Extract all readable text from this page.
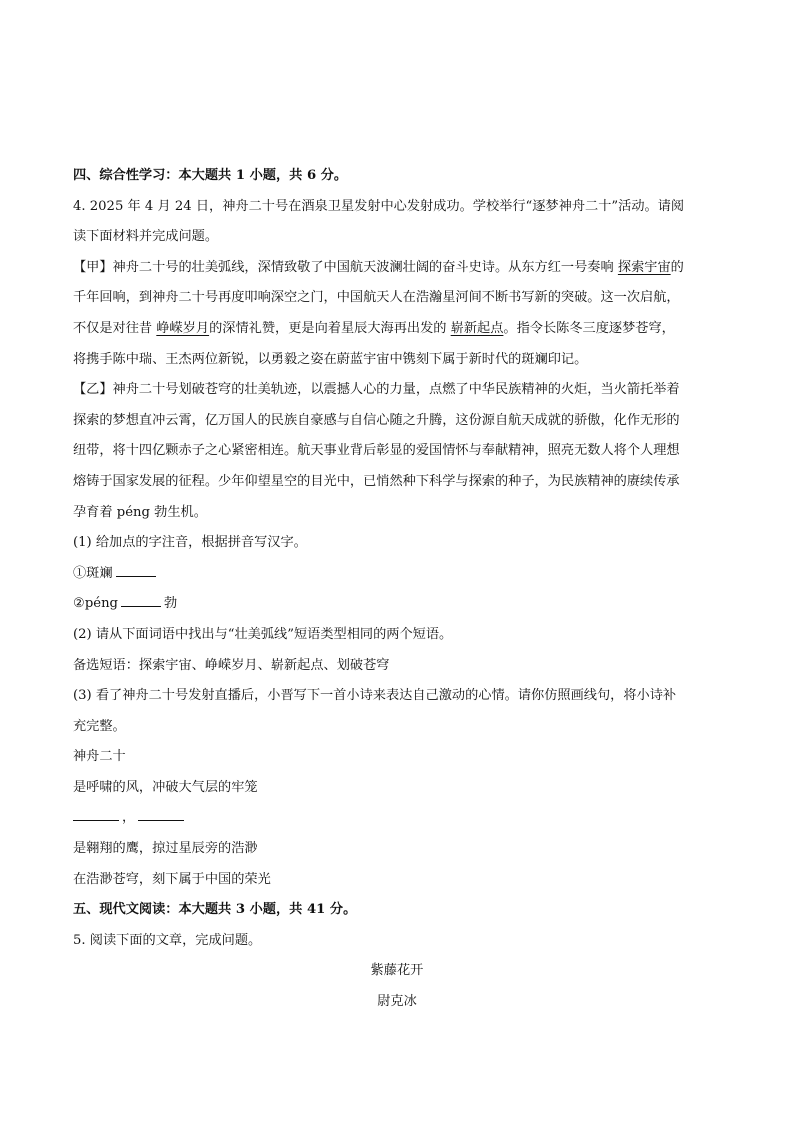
四、综合性学习：本大题共 1 小题，共 6 分。
4. 2025 年 4 月 24 日，神舟二十号在酒泉卫星发射中心发射成功。学校举行“逐梦神舟二十”活动。请阅
读下面材料并完成问题。
【甲】神舟二十号的壮美弧线，深情致敬了中国航天波澜壮阔的奋斗史诗。从东方红一号奏响 探索宇宙的
千年回响，到神舟二十号再度叩响深空之门，中国航天人在浩瀚星河间不断书写新的突破。这一次启航，
不仅是对往昔 峥嵘岁月的深情礼赞，更是向着星辰大海再出发的 崭新起点。指令长陈冬三度逐梦苍穹，
将携手陈中瑞、王杰两位新锐，以勇毅之姿在蔚蓝宇宙中镌刻下属于新时代的斑斓印记。
【乙】神舟二十号划破苍穹的壮美轨迹，以震撼人心的力量，点燃了中华民族精神的火炬，当火箭托举着
探索的梦想直冲云霄，亿万国人的民族自豪感与自信心随之升腾，这份源自航天成就的骄傲，化作无形的
纽带，将十四亿颗赤子之心紧密相连。航天事业背后彰显的爱国情怀与奉献精神，照亮无数人将个人理想
熔铸于国家发展的征程。少年仰望星空的目光中，已悄然种下科学与探索的种子，为民族精神的赓续传承
孕育着 péng 勃生机。
(1) 给加点的字注音，根据拼音写汉字。
①斑斓
②péng	勃
(2) 请从下面词语中找出与“壮美弧线”短语类型相同的两个短语。
备选短语：探索宇宙、峥嵘岁月、崭新起点、划破苍穹
(3) 看了神舟二十号发射直播后，小晋写下一首小诗来表达自己激动的心情。请你仿照画线句，将小诗补
充完整。
神舟二十
是呼啸的风，冲破大气层的牢笼
，
是翱翔的鹰，掠过星辰旁的浩渺
在浩渺苍穹，刻下属于中国的荣光
五、现代文阅读：本大题共 3 小题，共 41 分。
5. 阅读下面的文章，完成问题。
紫藤花开
尉克冰
